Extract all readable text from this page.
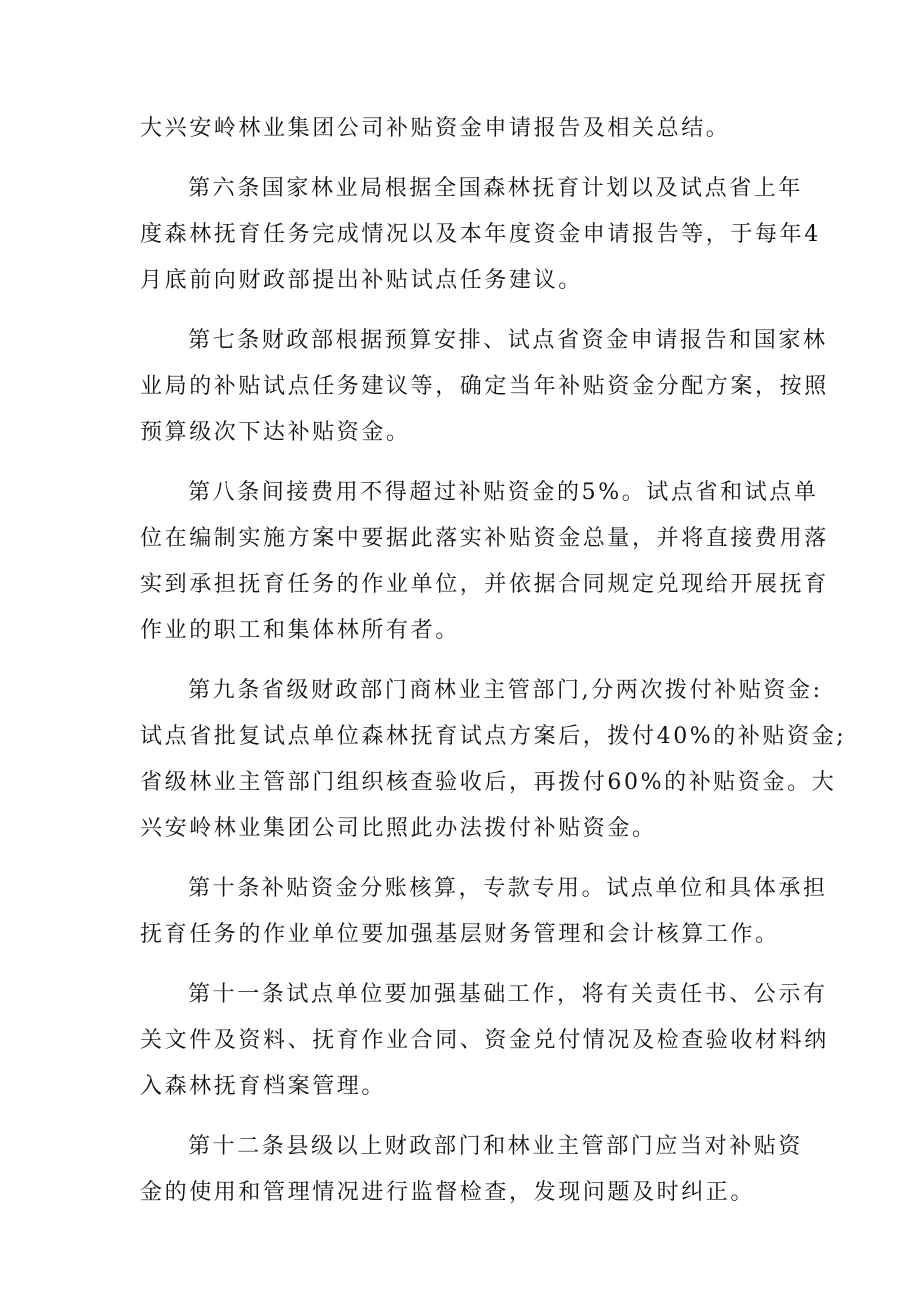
大兴安岭林业集团公司补贴资金申请报告及相关总结。
第六条国家林业局根据全国森林抚育计划以及试点省上年
度森林抚育任务完成情况以及本年度资金申请报告等，于每年4
月底前向财政部提出补贴试点任务建议。
第七条财政部根据预算安排、试点省资金申请报告和国家林
业局的补贴试点任务建议等，确定当年补贴资金分配方案，按照
预算级次下达补贴资金。
第八条间接费用不得超过补贴资金的5%。试点省和试点单
位在编制实施方案中要据此落实补贴资金总量，并将直接费用落
实到承担抚育任务的作业单位，并依据合同规定兑现给开展抚育
作业的职工和集体林所有者。
第九条省级财政部门商林业主管部门,分两次拨付补贴资金:
试点省批复试点单位森林抚育试点方案后，拨付40%的补贴资金;
省级林业主管部门组织核查验收后，再拨付60%的补贴资金。大
兴安岭林业集团公司比照此办法拨付补贴资金。
第十条补贴资金分账核算，专款专用。试点单位和具体承担
抚育任务的作业单位要加强基层财务管理和会计核算工作。
第十一条试点单位要加强基础工作，将有关责任书、公示有
关文件及资料、抚育作业合同、资金兑付情况及检查验收材料纳
入森林抚育档案管理。
第十二条县级以上财政部门和林业主管部门应当对补贴资
金的使用和管理情况进行监督检查，发现问题及时纠正。
